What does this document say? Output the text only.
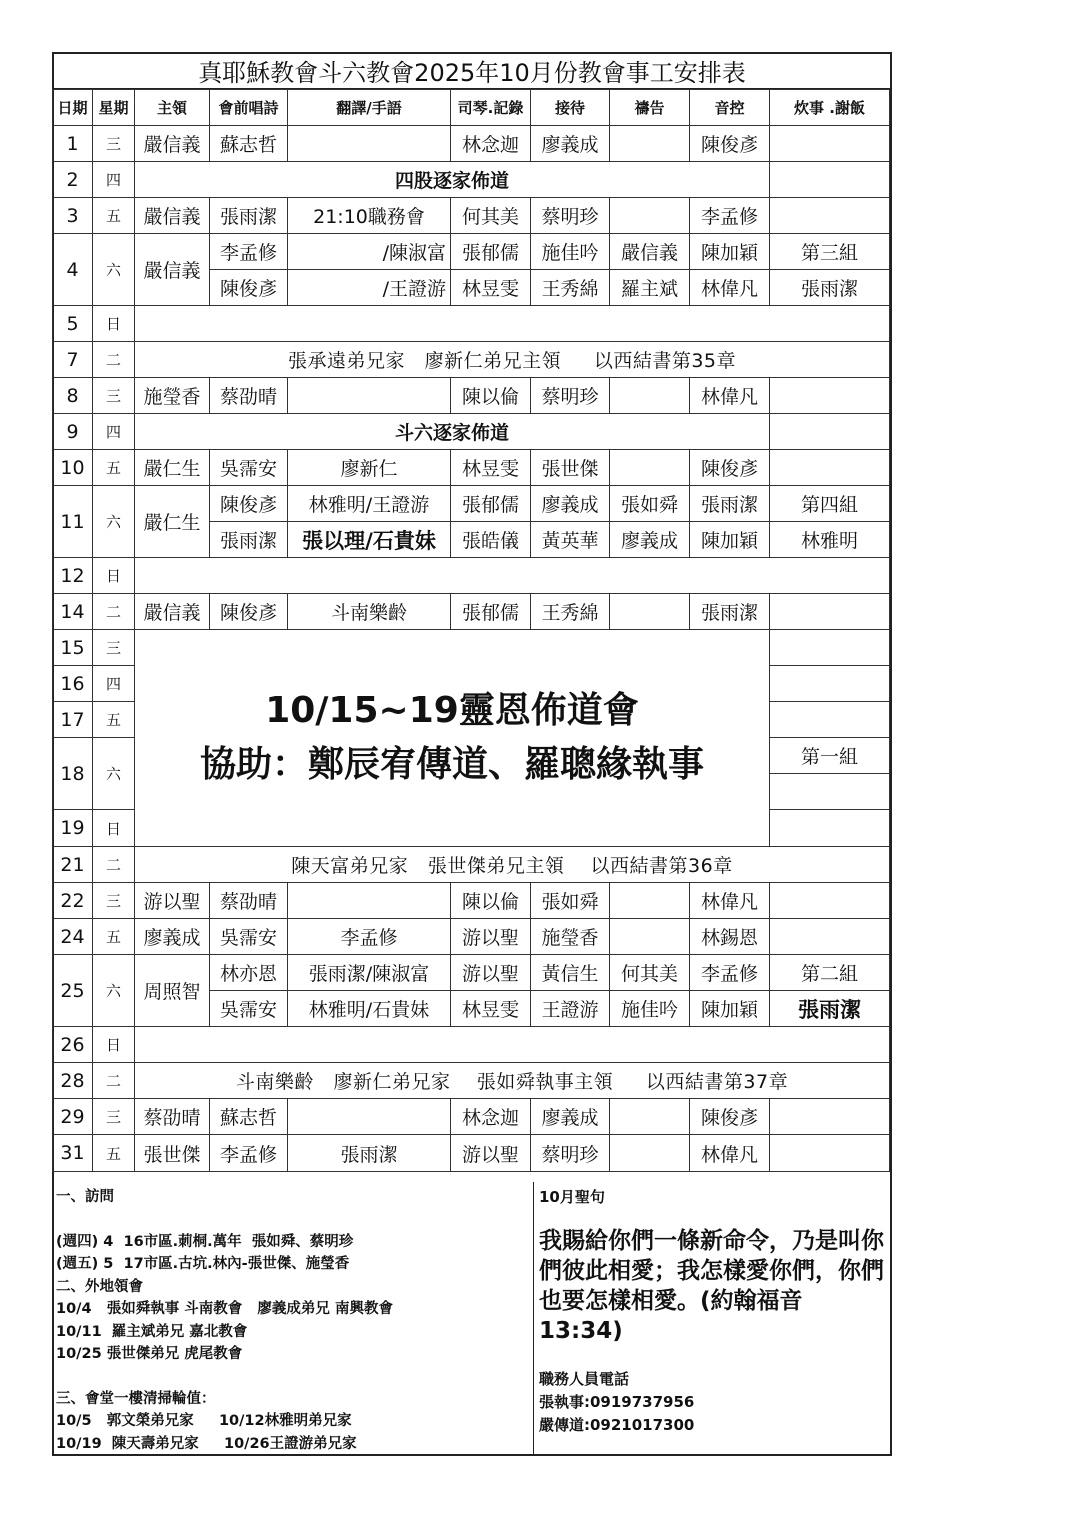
真耶穌教會斗六教會2025年10月份教會事工安排表
日期	星期	主領	會前唱詩	翻譯/手語	司琴.記錄	接待	禱告	音控	炊事 .謝飯
1	三	嚴信義	蘇志哲		林念迦	廖義成		陳俊彥	
2	四	四股逐家佈道							
3	五	嚴信義	張雨潔	21:10職務會	何其美	蔡明珍		李孟修	
4	六	嚴信義	李孟修	/陳淑富	張郁儒	施佳吟	嚴信義	陳加穎	第三組
			陳俊彥	/王證游	林昱雯	王秀綿	羅主斌	林偉凡	張雨潔
5	日								
7	二	張承遠弟兄家   廖新仁弟兄主領     以西結書第35章							
8	三	施瑩香	蔡劭晴		陳以倫	蔡明珍		林偉凡	
9	四	斗六逐家佈道							
10	五	嚴仁生	吳霈安	廖新仁	林昱雯	張世傑		陳俊彥	
11	六	嚴仁生	陳俊彥	林雅明/王證游	張郁儒	廖義成	張如舜	張雨潔	第四組
			張雨潔	張以理/石貴妹	張皓儀	黃英華	廖義成	陳加穎	林雅明
12	日								
14	二	嚴信義	陳俊彥	斗南樂齡	張郁儒	王秀綿		張雨潔	
15	三	10/15~19靈恩佈道會
協助：鄭辰宥傳道、羅聰緣執事							

16	四								
17	五								
18	六								第一組

19	日								
21	二	陳天富弟兄家   張世傑弟兄主領    以西結書第36章							
22	三	游以聖	蔡劭晴		陳以倫	張如舜		林偉凡	
24	五	廖義成	吳霈安	李孟修	游以聖	施瑩香		林錫恩	
25	六	周照智	林亦恩	張雨潔/陳淑富	游以聖	黃信生	何其美	李孟修	第二組
			吳霈安	林雅明/石貴妹	林昱雯	王證游	施佳吟	陳加穎	張雨潔
26	日								
28	二	斗南樂齡   廖新仁弟兄家    張如舜執事主領     以西結書第37章							
29	三	蔡劭晴	蘇志哲		林念迦	廖義成		陳俊彥	
31	五	張世傑	李孟修	張雨潔	游以聖	蔡明珍		林偉凡	
一、訪問
(週四) 4  16市區.莿桐.萬年  張如舜、蔡明珍
(週五) 5  17市區.古坑.林內-張世傑、施瑩香
二、外地領會
10/4   張如舜執事 斗南教會   廖義成弟兄 南興教會
10/11  羅主斌弟兄 嘉北教會
10/25 張世傑弟兄 虎尾教會
三、會堂一樓清掃輪值：
10/5   郭文榮弟兄家     10/12林雅明弟兄家
10/19  陳天壽弟兄家     10/26王證游弟兄家
10月聖句
我賜給你們一條新命令，乃是叫你們彼此相愛；我怎樣愛你們，你們也要怎樣相愛。(約翰福音13:34)
職務人員電話
張執事:0919737956
嚴傳道:0921017300
